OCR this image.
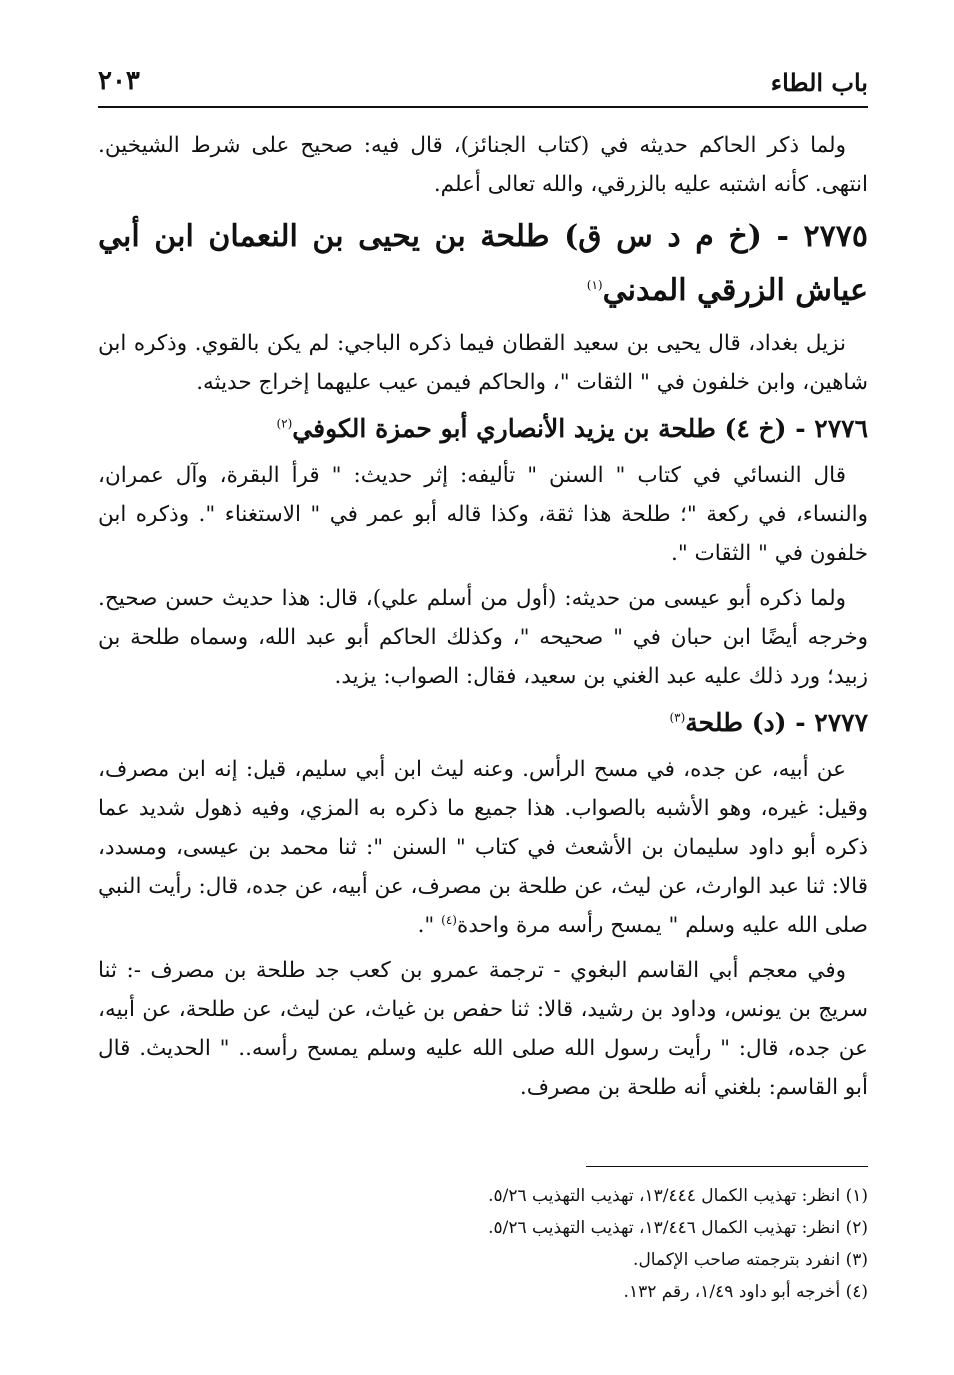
باب الطاء
٢٠٣

ولما ذكر الحاكم حديثه في (كتاب الجنائز)، قال فيه: صحيح على شرط الشيخين. انتهى. كأنه اشتبه عليه بالزرقي، والله تعالى أعلم.

٢٧٧٥ - (خ م د س ق) طلحة بن يحيى بن النعمان ابن أبي عياش الزرقي المدني$^{(١)}$

نزيل بغداد، قال يحيى بن سعيد القطان فيما ذكره الباجي: لم يكن بالقوي. وذكره ابن شاهين، وابن خلفون في " الثقات "، والحاكم فيمن عيب عليهما إخراج حديثه.

٢٧٧٦ - (خ ٤) طلحة بن يزيد الأنصاري أبو حمزة الكوفي$^{(٢)}$

قال النسائي في كتاب " السنن " تأليفه: إثر حديث: " قرأ البقرة، وآل عمران، والنساء، في ركعة "؛ طلحة هذا ثقة، وكذا قاله أبو عمر في " الاستغناء ". وذكره ابن خلفون في " الثقات ".

ولما ذكره أبو عيسى من حديثه: (أول من أسلم علي)، قال: هذا حديث حسن صحيح. وخرجه أيضًا ابن حبان في " صحيحه "، وكذلك الحاكم أبو عبد الله، وسماه طلحة بن زبيد؛ ورد ذلك عليه عبد الغني بن سعيد، فقال: الصواب: يزيد.

٢٧٧٧ - (د) طلحة$^{(٣)}$

عن أبيه، عن جده، في مسح الرأس. وعنه ليث ابن أبي سليم، قيل: إنه ابن مصرف، وقيل: غيره، وهو الأشبه بالصواب. هذا جميع ما ذكره به المزي، وفيه ذهول شديد عما ذكره أبو داود سليمان بن الأشعث في كتاب " السنن ": ثنا محمد بن عيسى، ومسدد، قالا: ثنا عبد الوارث، عن ليث، عن طلحة بن مصرف، عن أبيه، عن جده، قال: رأيت النبي صلى الله عليه وسلم " يمسح رأسه مرة واحدة$^{(٤)}$ ".

وفي معجم أبي القاسم البغوي - ترجمة عمرو بن كعب جد طلحة بن مصرف -: ثنا سريج بن يونس، وداود بن رشيد، قالا: ثنا حفص بن غياث، عن ليث، عن طلحة، عن أبيه، عن جده، قال: " رأيت رسول الله صلى الله عليه وسلم يمسح رأسه.. " الحديث. قال أبو القاسم: بلغني أنه طلحة بن مصرف.

(١) انظر: تهذيب الكمال ١٣/٤٤٤، تهذيب التهذيب ٥/٢٦.
(٢) انظر: تهذيب الكمال ١٣/٤٤٦، تهذيب التهذيب ٥/٢٦.
(٣) انفرد بترجمته صاحب الإكمال.
(٤) أخرجه أبو داود ١/٤٩، رقم ١٣٢.
